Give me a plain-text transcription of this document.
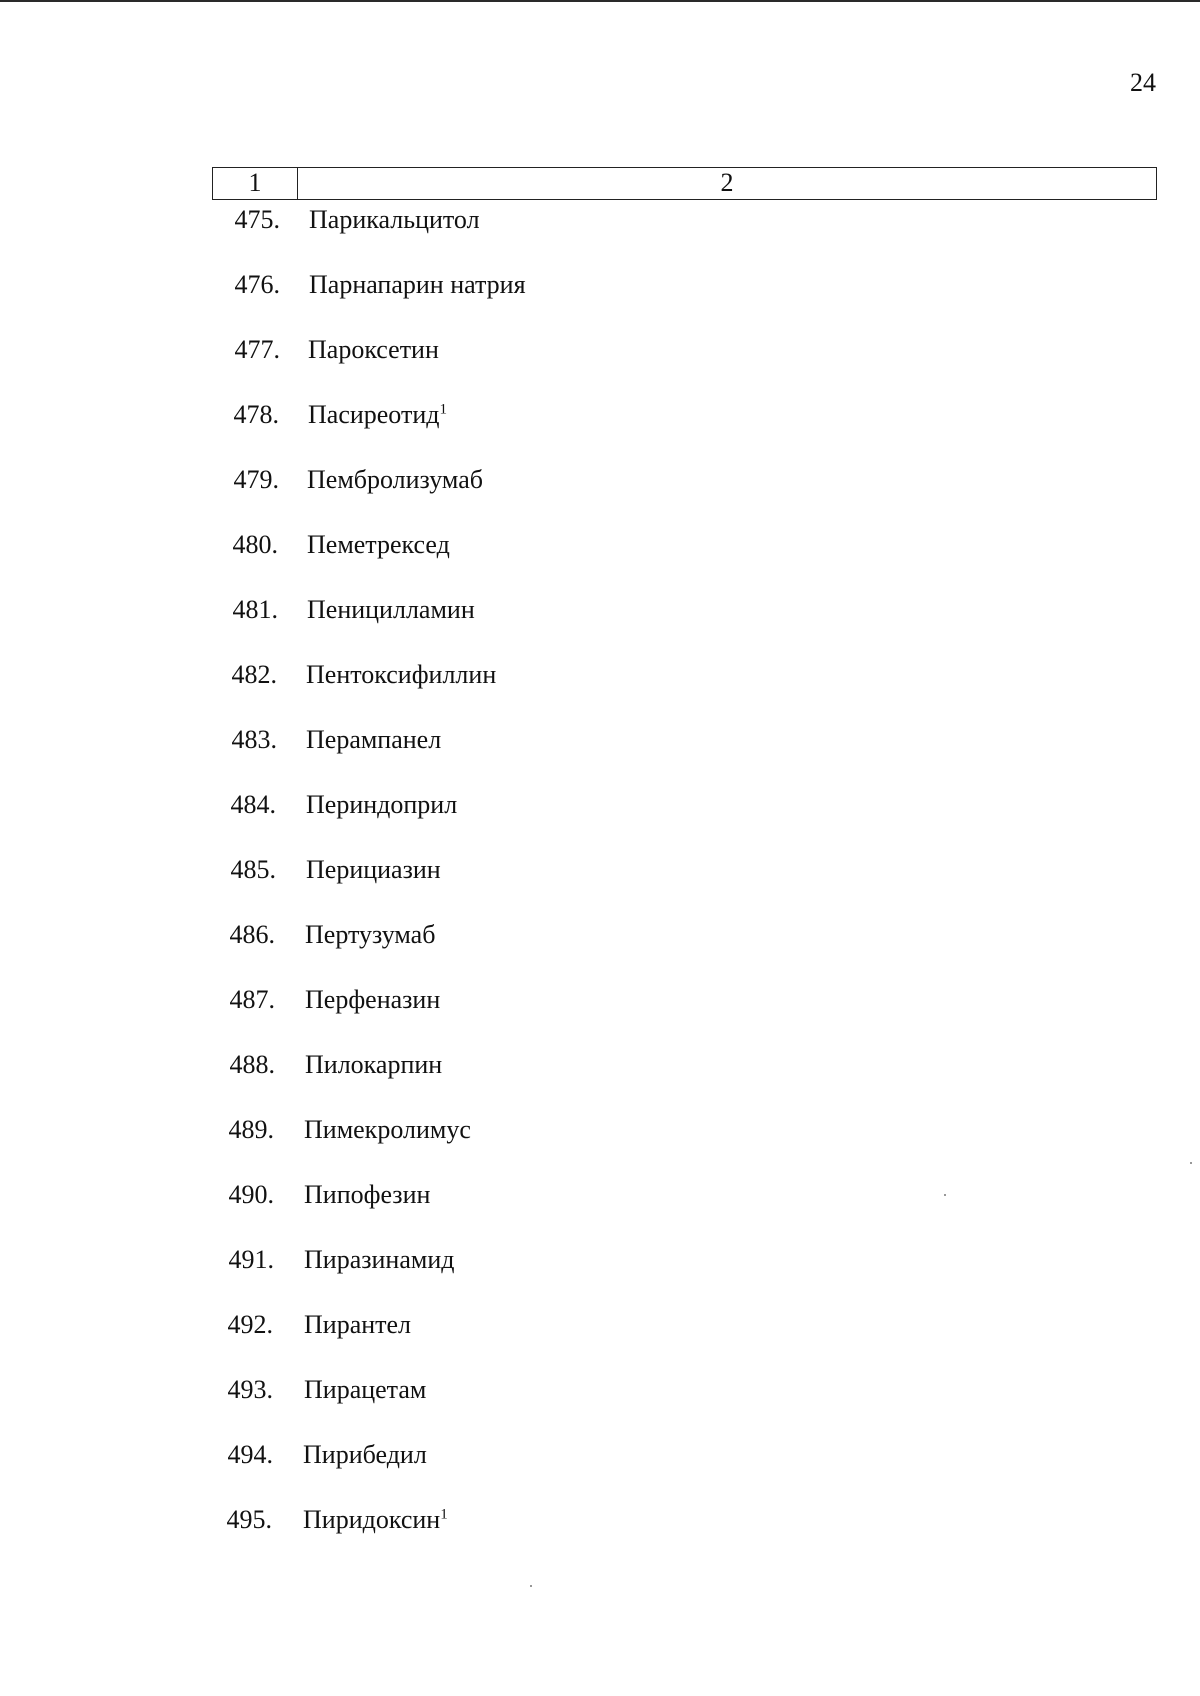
24
1	2
475. Парикальцитол
476. Парнапарин натрия
477. Пароксетин
478. Пасиреотид$^1$
479. Пембролизумаб
480. Пеметрексед
481. Пеницилламин
482. Пентоксифиллин
483. Перампанел
484. Периндоприл
485. Перициазин
486. Пертузумаб
487. Перфеназин
488. Пилокарпин
489. Пимекролимус
490. Пипофезин
491. Пиразинамид
492. Пирантел
493. Пирацетам
494. Пирибедил
495. Пиридоксин$^1$
